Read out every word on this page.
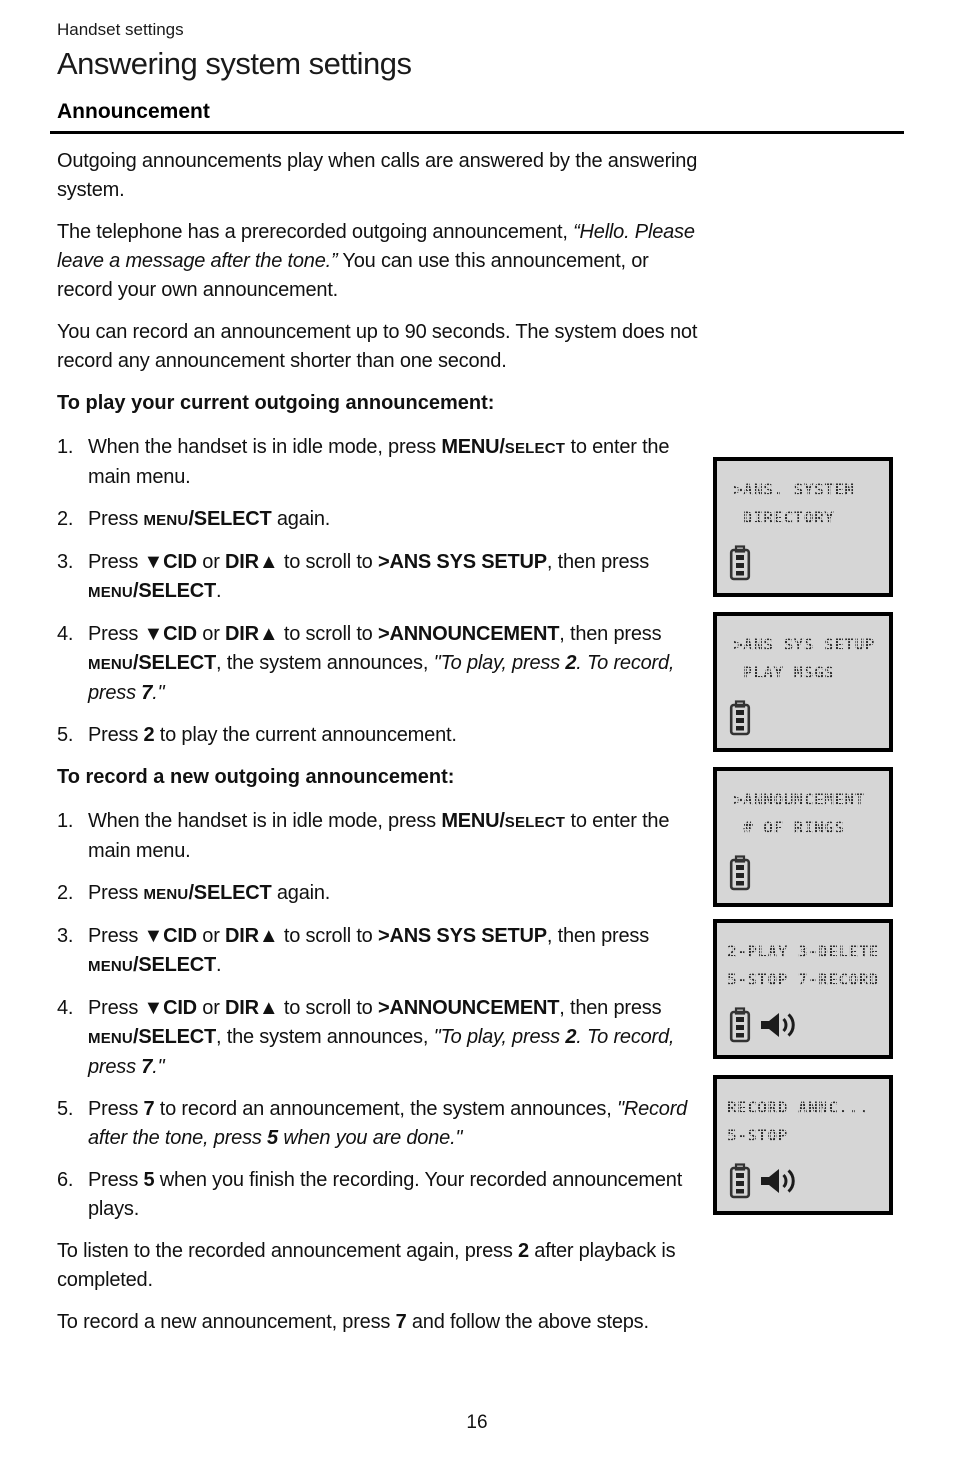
Handset settings
Answering system settings
Announcement

Outgoing announcements play when calls are answered by the answering system.

The telephone has a prerecorded outgoing announcement, “Hello. Please leave a message after the tone.” You can use this announcement, or record your own announcement.

You can record an announcement up to 90 seconds. The system does not record any announcement shorter than one second.

To play your current outgoing announcement:
1. When the handset is in idle mode, press MENU/SELECT to enter the main menu.
2. Press MENU/SELECT again.
3. Press ▼CID or DIR▲ to scroll to >ANS SYS SETUP, then press MENU/SELECT.
4. Press ▼CID or DIR▲ to scroll to >ANNOUNCEMENT, then press MENU/SELECT, the system announces, "To play, press 2. To record, press 7."
5. Press 2 to play the current announcement.
To record a new outgoing announcement:
1. When the handset is in idle mode, press MENU/SELECT to enter the main menu.
2. Press MENU/SELECT again.
3. Press ▼CID or DIR▲ to scroll to >ANS SYS SETUP, then press MENU/SELECT.
4. Press ▼CID or DIR▲ to scroll to >ANNOUNCEMENT, then press MENU/SELECT, the system announces, "To play, press 2. To record, press 7."
5. Press 7 to record an announcement, the system announces, "Record after the tone, press 5 when you are done."
6. Press 5 when you finish the recording. Your recorded announcement plays.

To listen to the recorded announcement again, press 2 after playback is completed.

To record a new announcement, press 7 and follow the above steps.

>ANS. SYSTEM
DIRECTORY
>ANS SYS SETUP
PLAY MSGS
>ANNOUNCEMENT
# OF RINGS
2-PLAY 3-DELETE
5-STOP 7-RECORD
RECORD ANNC...
5-STOP
16
